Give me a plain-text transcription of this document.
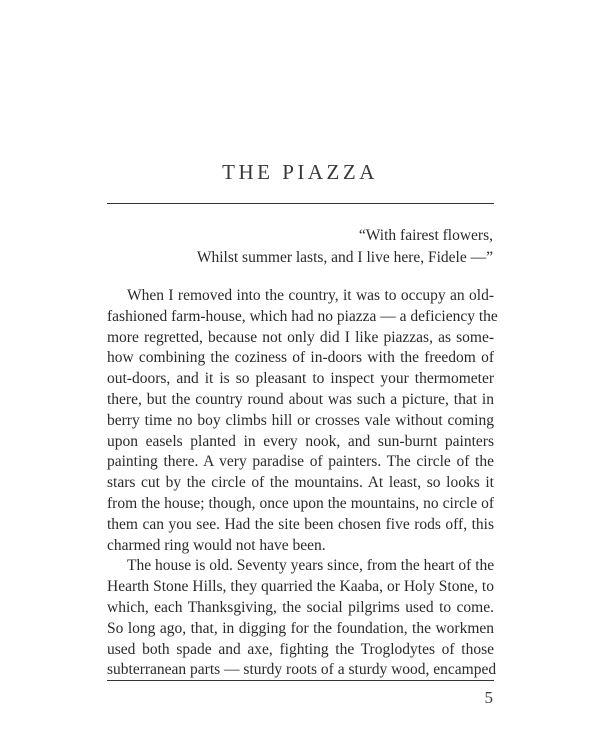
THE PIAZZA
“With fairest flowers,
Whilst summer lasts, and I live here, Fidele —”
When I removed into the country, it was to occupy an old-
fashioned farm-house, which had no piazza — a deficiency the
more regretted, because not only did I like piazzas, as some-
how combining the coziness of in-doors with the freedom of
out-doors, and it is so pleasant to inspect your thermometer
there, but the country round about was such a picture, that in
berry time no boy climbs hill or crosses vale without coming
upon easels planted in every nook, and sun-burnt painters
painting there. A very paradise of painters. The circle of the
stars cut by the circle of the mountains. At least, so looks it
from the house; though, once upon the mountains, no circle of
them can you see. Had the site been chosen five rods off, this
charmed ring would not have been.
The house is old. Seventy years since, from the heart of the
Hearth Stone Hills, they quarried the Kaaba, or Holy Stone, to
which, each Thanksgiving, the social pilgrims used to come.
So long ago, that, in digging for the foundation, the workmen
used both spade and axe, fighting the Troglodytes of those
subterranean parts — sturdy roots of a sturdy wood, encamped
5
